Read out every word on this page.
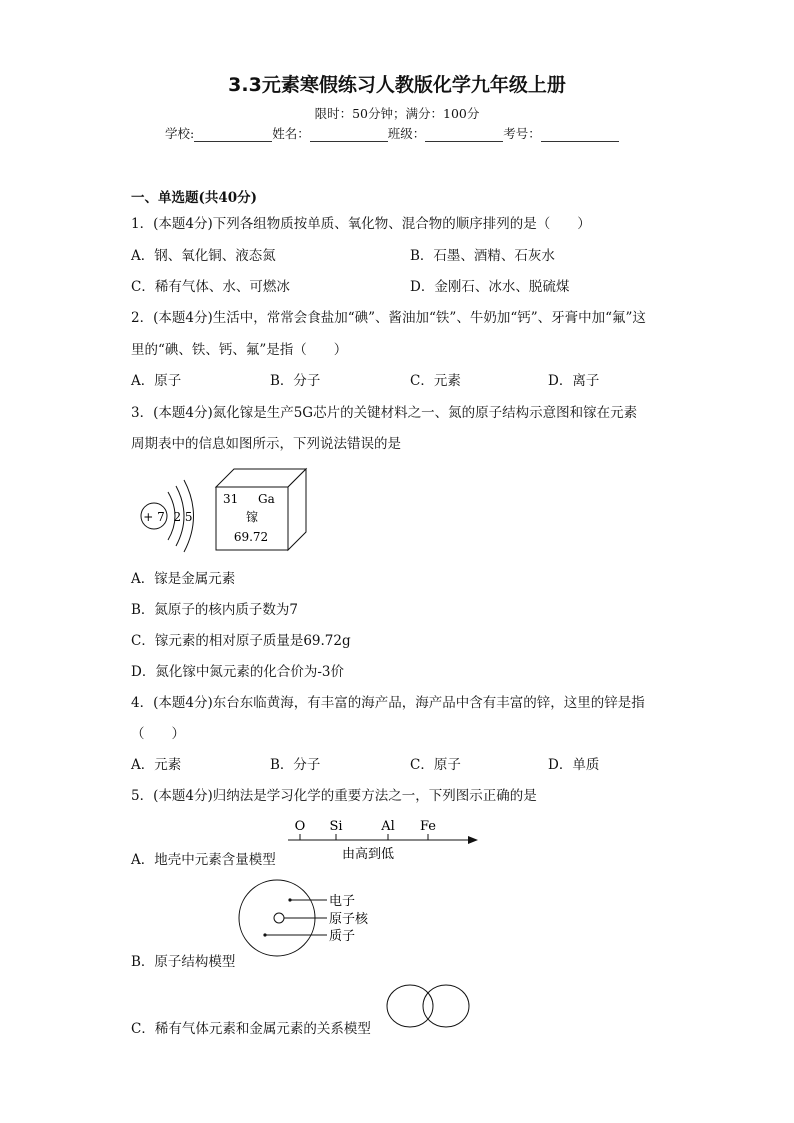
3.3元素寒假练习人教版化学九年级上册
限时：50分钟；满分：100分
学校:	姓名：	班级：	考号：
一、单选题(共40分)
1．(本题4分)下列各组物质按单质、氧化物、混合物的顺序排列的是（　　）
A．钢、氧化铜、液态氮	B．石墨、酒精、石灰水
C．稀有气体、水、可燃冰	D．金刚石、冰水、脱硫煤
2．(本题4分)生活中，常常会食盐加“碘”、酱油加“铁”、牛奶加“钙”、牙膏中加“氟”这
里的“碘、铁、钙、氟”是指（　　）
A．原子	B．分子	C．元素	D．离子
3．(本题4分)氮化镓是生产5G芯片的关键材料之一、氮的原子结构示意图和镓在元素
周期表中的信息如图所示，下列说法错误的是
+ 7 2 5
31 Ga
镓
69.72
A．镓是金属元素
B．氮原子的核内质子数为7
C．镓元素的相对原子质量是69.72g
D．氮化镓中氮元素的化合价为-3价
4．(本题4分)东台东临黄海，有丰富的海产品，海产品中含有丰富的锌，这里的锌是指
（　　）
A．元素	B．分子	C．原子	D．单质
5．(本题4分)归纳法是学习化学的重要方法之一，下列图示正确的是
O Si	Al Fe
由高到低
A．地壳中元素含量模型
电子
原子核
质子
B．原子结构模型
C．稀有气体元素和金属元素的关系模型
